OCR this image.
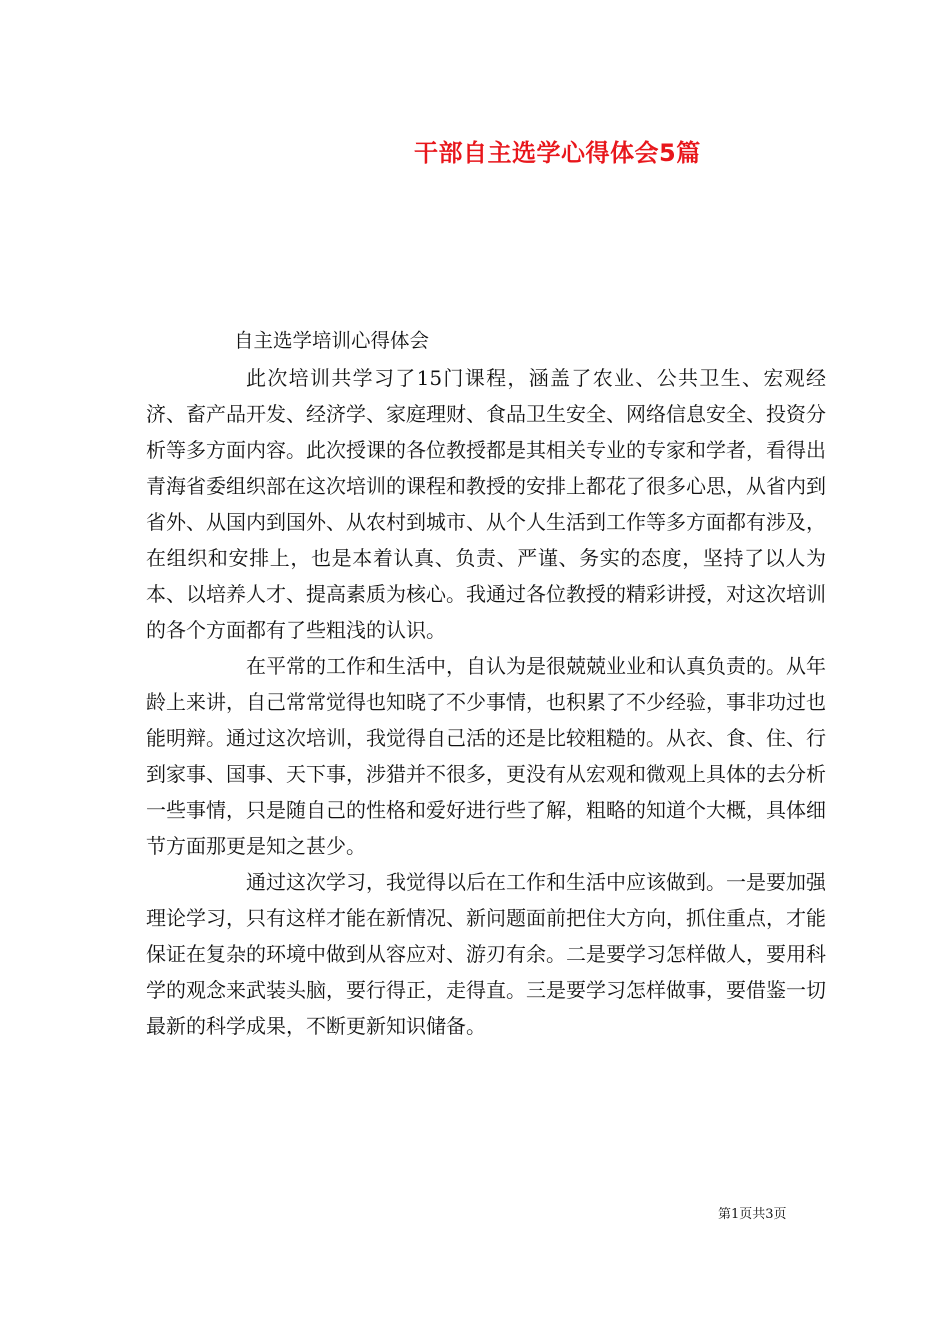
干部自主选学心得体会5篇
自主选学培训心得体会

此次培训共学习了15门课程，涵盖了农业、公共卫生、宏观经济、畜产品开发、经济学、家庭理财、食品卫生安全、网络信息安全、投资分析等多方面内容。此次授课的各位教授都是其相关专业的专家和学者，看得出青海省委组织部在这次培训的课程和教授的安排上都花了很多心思，从省内到省外、从国内到国外、从农村到城市、从个人生活到工作等多方面都有涉及，在组织和安排上，也是本着认真、负责、严谨、务实的态度，坚持了以人为本、以培养人才、提高素质为核心。我通过各位教授的精彩讲授，对这次培训的各个方面都有了些粗浅的认识。

在平常的工作和生活中，自认为是很兢兢业业和认真负责的。从年龄上来讲，自己常常觉得也知晓了不少事情，也积累了不少经验，事非功过也能明辩。通过这次培训，我觉得自己活的还是比较粗糙的。从衣、食、住、行到家事、国事、天下事，涉猎并不很多，更没有从宏观和微观上具体的去分析一些事情，只是随自己的性格和爱好进行些了解，粗略的知道个大概，具体细节方面那更是知之甚少。

通过这次学习，我觉得以后在工作和生活中应该做到。一是要加强理论学习，只有这样才能在新情况、新问题面前把住大方向，抓住重点，才能保证在复杂的环境中做到从容应对、游刃有余。二是要学习怎样做人，要用科学的观念来武装头脑，要行得正，走得直。三是要学习怎样做事，要借鉴一切最新的科学成果，不断更新知识储备。

第1页共3页
